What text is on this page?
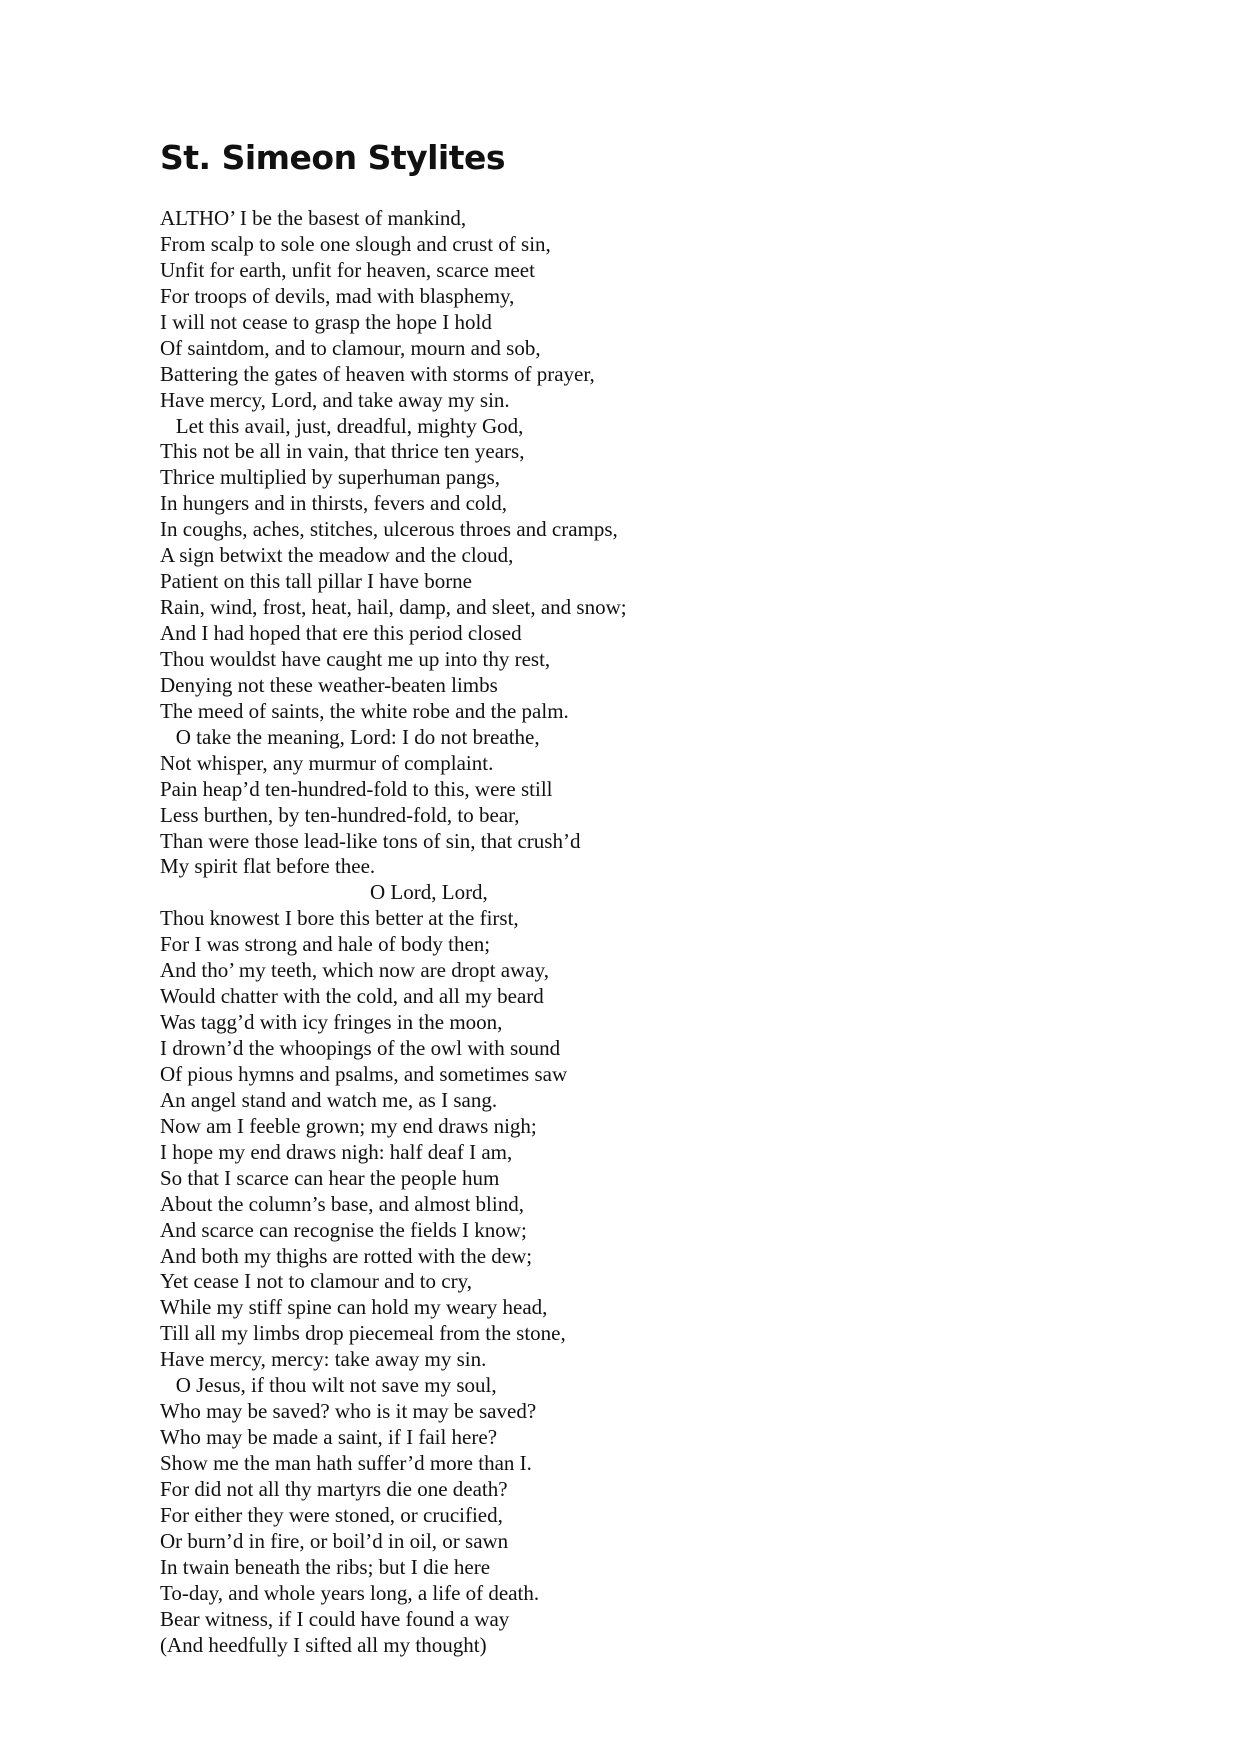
St. Simeon Stylites
ALTHO’ I be the basest of mankind,
From scalp to sole one slough and crust of sin,
Unfit for earth, unfit for heaven, scarce meet
For troops of devils, mad with blasphemy,
I will not cease to grasp the hope I hold
Of saintdom, and to clamour, mourn and sob,
Battering the gates of heaven with storms of prayer,
Have mercy, Lord, and take away my sin.
Let this avail, just, dreadful, mighty God,
This not be all in vain, that thrice ten years,
Thrice multiplied by superhuman pangs,
In hungers and in thirsts, fevers and cold,
In coughs, aches, stitches, ulcerous throes and cramps,
A sign betwixt the meadow and the cloud,
Patient on this tall pillar I have borne
Rain, wind, frost, heat, hail, damp, and sleet, and snow;
And I had hoped that ere this period closed
Thou wouldst have caught me up into thy rest,
Denying not these weather-beaten limbs
The meed of saints, the white robe and the palm.
O take the meaning, Lord: I do not breathe,
Not whisper, any murmur of complaint.
Pain heap’d ten-hundred-fold to this, were still
Less burthen, by ten-hundred-fold, to bear,
Than were those lead-like tons of sin, that crush’d
My spirit flat before thee.
O Lord, Lord,
Thou knowest I bore this better at the first,
For I was strong and hale of body then;
And tho’ my teeth, which now are dropt away,
Would chatter with the cold, and all my beard
Was tagg’d with icy fringes in the moon,
I drown’d the whoopings of the owl with sound
Of pious hymns and psalms, and sometimes saw
An angel stand and watch me, as I sang.
Now am I feeble grown; my end draws nigh;
I hope my end draws nigh: half deaf I am,
So that I scarce can hear the people hum
About the column’s base, and almost blind,
And scarce can recognise the fields I know;
And both my thighs are rotted with the dew;
Yet cease I not to clamour and to cry,
While my stiff spine can hold my weary head,
Till all my limbs drop piecemeal from the stone,
Have mercy, mercy: take away my sin.
O Jesus, if thou wilt not save my soul,
Who may be saved? who is it may be saved?
Who may be made a saint, if I fail here?
Show me the man hath suffer’d more than I.
For did not all thy martyrs die one death?
For either they were stoned, or crucified,
Or burn’d in fire, or boil’d in oil, or sawn
In twain beneath the ribs; but I die here
To-day, and whole years long, a life of death.
Bear witness, if I could have found a way
(And heedfully I sifted all my thought)
